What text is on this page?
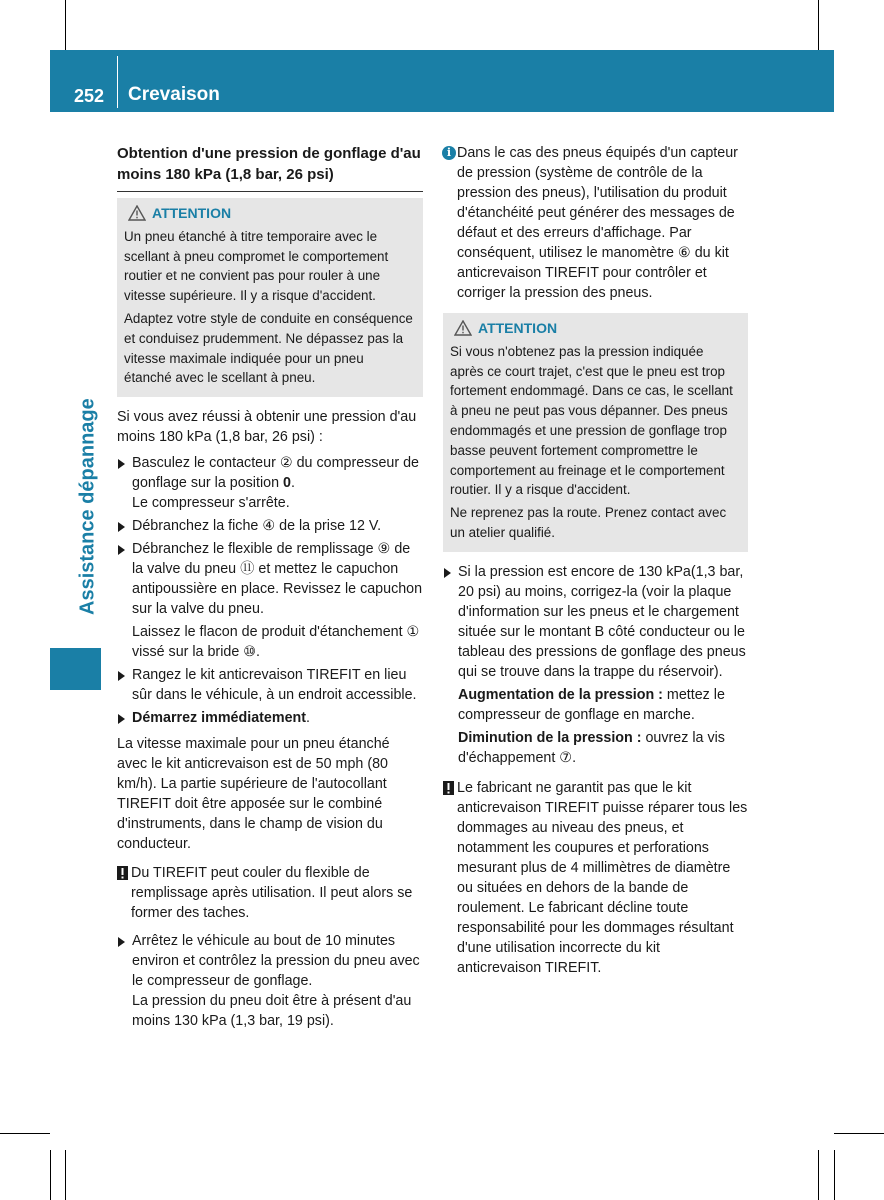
252 Crevaison
Assistance dépannage
Obtention d'une pression de gonflage d'au moins 180 kPa (1,8 bar, 26 psi)
ATTENTION

Un pneu étanché à titre temporaire avec le scellant à pneu compromet le comportement routier et ne convient pas pour rouler à une vitesse supérieure. Il y a risque d'accident.

Adaptez votre style de conduite en conséquence et conduisez prudemment. Ne dépassez pas la vitesse maximale indiquée pour un pneu étanché avec le scellant à pneu.

Si vous avez réussi à obtenir une pression d'au moins 180 kPa (1,8 bar, 26 psi) :

Basculez le contacteur ② du compresseur de gonflage sur la position 0.
Le compresseur s'arrête.
Débranchez la fiche ④ de la prise 12 V.
Débranchez le flexible de remplissage ⑨ de la valve du pneu ⑪ et mettez le capuchon antipoussière en place. Revissez le capuchon sur la valve du pneu.
Laissez le flacon de produit d'étanchement ① vissé sur la bride ⑩.
Rangez le kit anticrevaison TIREFIT en lieu sûr dans le véhicule, à un endroit accessible.
Démarrez immédiatement.

La vitesse maximale pour un pneu étanché avec le kit anticrevaison est de 50 mph (80 km/h). La partie supérieure de l'autocollant TIREFIT doit être apposée sur le combiné d'instruments, dans le champ de vision du conducteur.

Du TIREFIT peut couler du flexible de remplissage après utilisation. Il peut alors se former des taches.
Arrêtez le véhicule au bout de 10 minutes environ et contrôlez la pression du pneu avec le compresseur de gonflage.
La pression du pneu doit être à présent d'au moins 130 kPa (1,3 bar, 19 psi).
i Dans le cas des pneus équipés d'un capteur de pression (système de contrôle de la pression des pneus), l'utilisation du produit d'étanchéité peut générer des messages de défaut et des erreurs d'affichage. Par conséquent, utilisez le manomètre ⑥ du kit anticrevaison TIREFIT pour contrôler et corriger la pression des pneus.
ATTENTION

Si vous n'obtenez pas la pression indiquée après ce court trajet, c'est que le pneu est trop fortement endommagé. Dans ce cas, le scellant à pneu ne peut pas vous dépanner. Des pneus endommagés et une pression de gonflage trop basse peuvent fortement compromettre le comportement au freinage et le comportement routier. Il y a risque d'accident.

Ne reprenez pas la route. Prenez contact avec un atelier qualifié.

Si la pression est encore de 130 kPa(1,3 bar, 20 psi) au moins, corrigez-la (voir la plaque d'information sur les pneus et le chargement située sur le montant B côté conducteur ou le tableau des pressions de gonflage des pneus qui se trouve dans la trappe du réservoir).
Augmentation de la pression : mettez le compresseur de gonflage en marche.
Diminution de la pression : ouvrez la vis d'échappement ⑦.
Le fabricant ne garantit pas que le kit anticrevaison TIREFIT puisse réparer tous les dommages au niveau des pneus, et notamment les coupures et perforations mesurant plus de 4 millimètres de diamètre ou situées en dehors de la bande de roulement. Le fabricant décline toute responsabilité pour les dommages résultant d'une utilisation incorrecte du kit anticrevaison TIREFIT.
